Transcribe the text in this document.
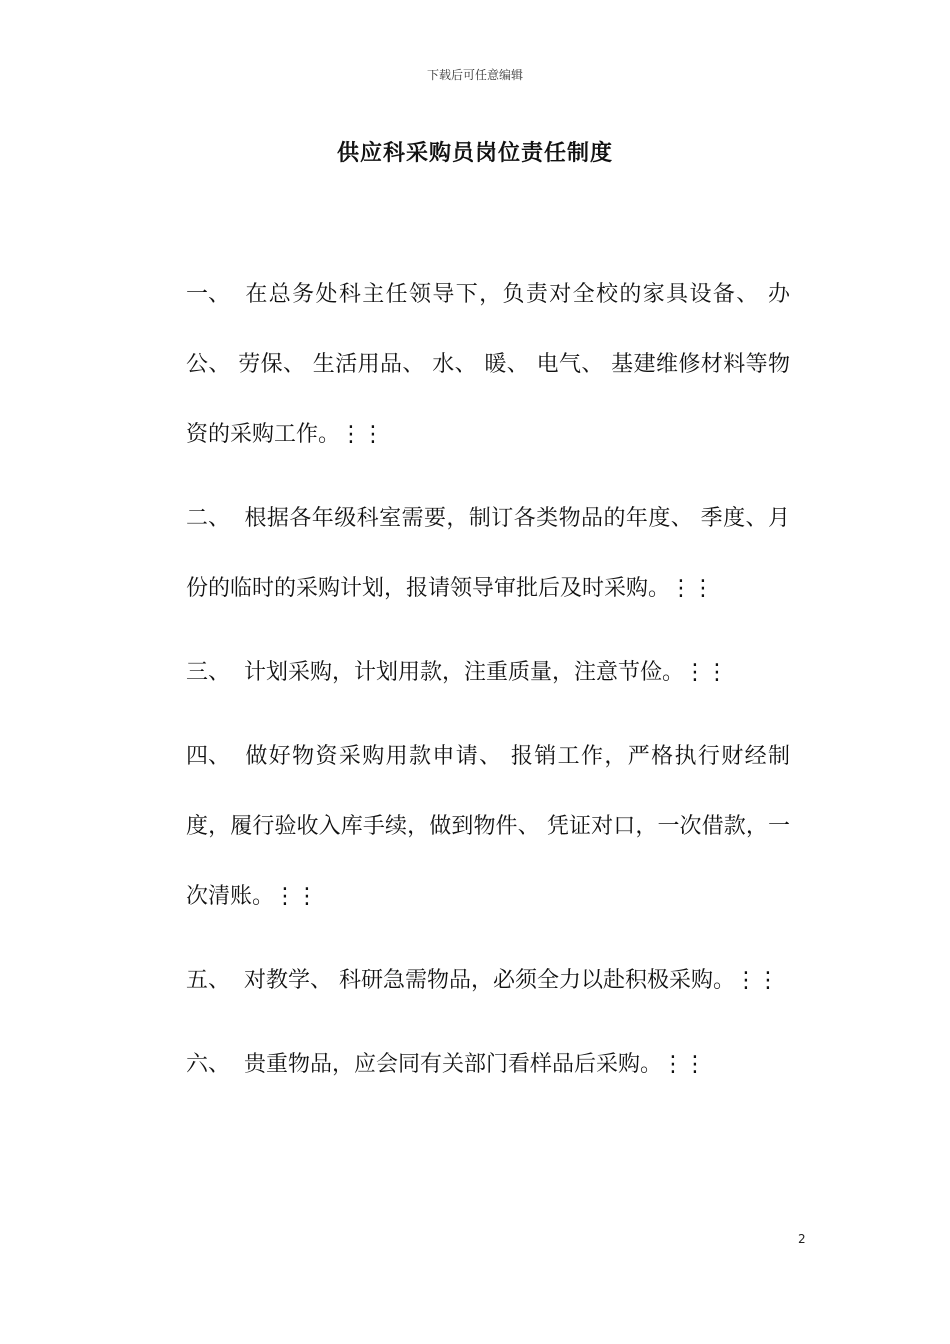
下载后可任意编辑
供应科采购员岗位责任制度
一、 在总务处科主任领导下，负责对全校的家具设备、 办公、 劳保、 生活用品、 水、 暖、 电气、 基建维修材料等物资的采购工作。⋮⋮
二、 根据各年级科室需要，制订各类物品的年度、 季度、月份的临时的采购计划，报请领导审批后及时采购。⋮⋮
三、 计划采购，计划用款，注重质量，注意节俭。⋮⋮
四、 做好物资采购用款申请、 报销工作，严格执行财经制度，履行验收入库手续，做到物件、 凭证对口，一次借款，一次清账。⋮⋮
五、 对教学、 科研急需物品，必须全力以赴积极采购。⋮⋮
六、 贵重物品，应会同有关部门看样品后采购。⋮⋮
2
